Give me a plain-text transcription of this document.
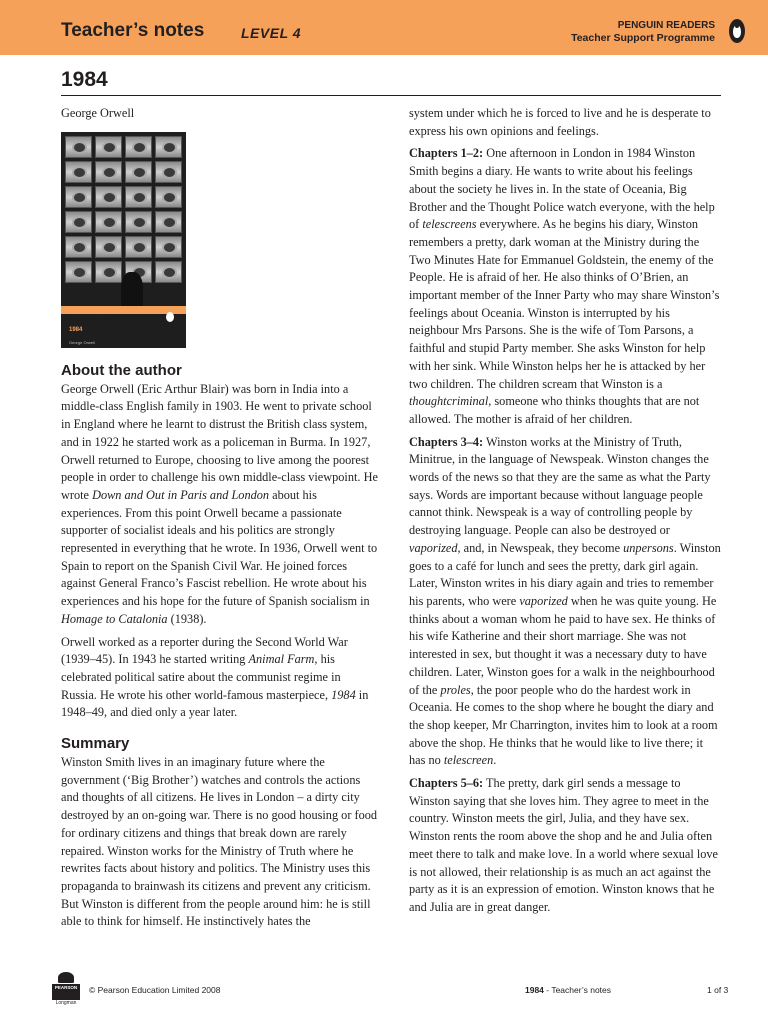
Teacher’s notes	LEVEL 4	PENGUIN READERS
Teacher Support Programme
1984

George Orwell

PENGUIN READERS
1984
George Orwell
About the author

George Orwell (Eric Arthur Blair) was born in India into a middle-class English family in 1903. He went to private school in England where he learnt to distrust the British class system, and in 1922 he started work as a policeman in Burma. In 1927, Orwell returned to Europe, choosing to live among the poorest people in order to challenge his own middle-class viewpoint. He wrote Down and Out in Paris and London about his experiences. From this point Orwell became a passionate supporter of socialist ideals and his politics are strongly represented in everything that he wrote. In 1936, Orwell went to Spain to report on the Spanish Civil War. He joined forces against General Franco’s Fascist rebellion. He wrote about his experiences and his hope for the future of Spanish socialism in Homage to Catalonia (1938).

Orwell worked as a reporter during the Second World War (1939–45). In 1943 he started writing Animal Farm, his celebrated political satire about the communist regime in Russia. He wrote his other world-famous masterpiece, 1984 in 1948–49, and died only a year later.

Summary

Winston Smith lives in an imaginary future where the government (‘Big Brother’) watches and controls the actions and thoughts of all citizens. He lives in London – a dirty city destroyed by an on-going war. There is no good housing or food for ordinary citizens and things that break down are rarely repaired. Winston works for the Ministry of Truth where he rewrites facts about history and politics. The Ministry uses this propaganda to brainwash its citizens and prevent any criticism. But Winston is different from the people around him: he is still able to think for himself. He instinctively hates the

system under which he is forced to live and he is desperate to express his own opinions and feelings.

Chapters 1–2: One afternoon in London in 1984 Winston Smith begins a diary. He wants to write about his feelings about the society he lives in. In the state of Oceania, Big Brother and the Thought Police watch everyone, with the help of telescreens everywhere. As he begins his diary, Winston remembers a pretty, dark woman at the Ministry during the Two Minutes Hate for Emmanuel Goldstein, the enemy of the People. He is afraid of her. He also thinks of O’Brien, an important member of the Inner Party who may share Winston’s feelings about Oceania. Winston is interrupted by his neighbour Mrs Parsons. She is the wife of Tom Parsons, a faithful and stupid Party member. She asks Winston for help with her sink. While Winston helps her he is attacked by her two children. The children scream that Winston is a thoughtcriminal, someone who thinks thoughts that are not allowed. The mother is afraid of her children.

Chapters 3–4: Winston works at the Ministry of Truth, Minitrue, in the language of Newspeak. Winston changes the words of the news so that they are the same as what the Party says. Words are important because without language people cannot think. Newspeak is a way of controlling people by destroying language. People can also be destroyed or vaporized, and, in Newspeak, they become unpersons. Winston goes to a café for lunch and sees the pretty, dark girl again. Later, Winston writes in his diary again and tries to remember his parents, who were vaporized when he was quite young. He thinks about a woman whom he paid to have sex. He thinks of his wife Katherine and their short marriage. She was not interested in sex, but thought it was a necessary duty to have children. Later, Winston goes for a walk in the neighbourhood of the proles, the poor people who do the hardest work in Oceania. He comes to the shop where he bought the diary and the shop keeper, Mr Charrington, invites him to look at a room above the shop. He thinks that he would like to live there; it has no telescreen.

Chapters 5–6: The pretty, dark girl sends a message to Winston saying that she loves him. They agree to meet in the country. Winston meets the girl, Julia, and they have sex. Winston rents the room above the shop and he and Julia often meet there to talk and make love. In a world where sexual love is not allowed, their relationship is as much an act against the party as it is an expression of emotion. Winston knows that he and Julia are in great danger.

PEARSON
Longman
© Pearson Education Limited 2008	1984 - Teacher’s notes	1 of 3
